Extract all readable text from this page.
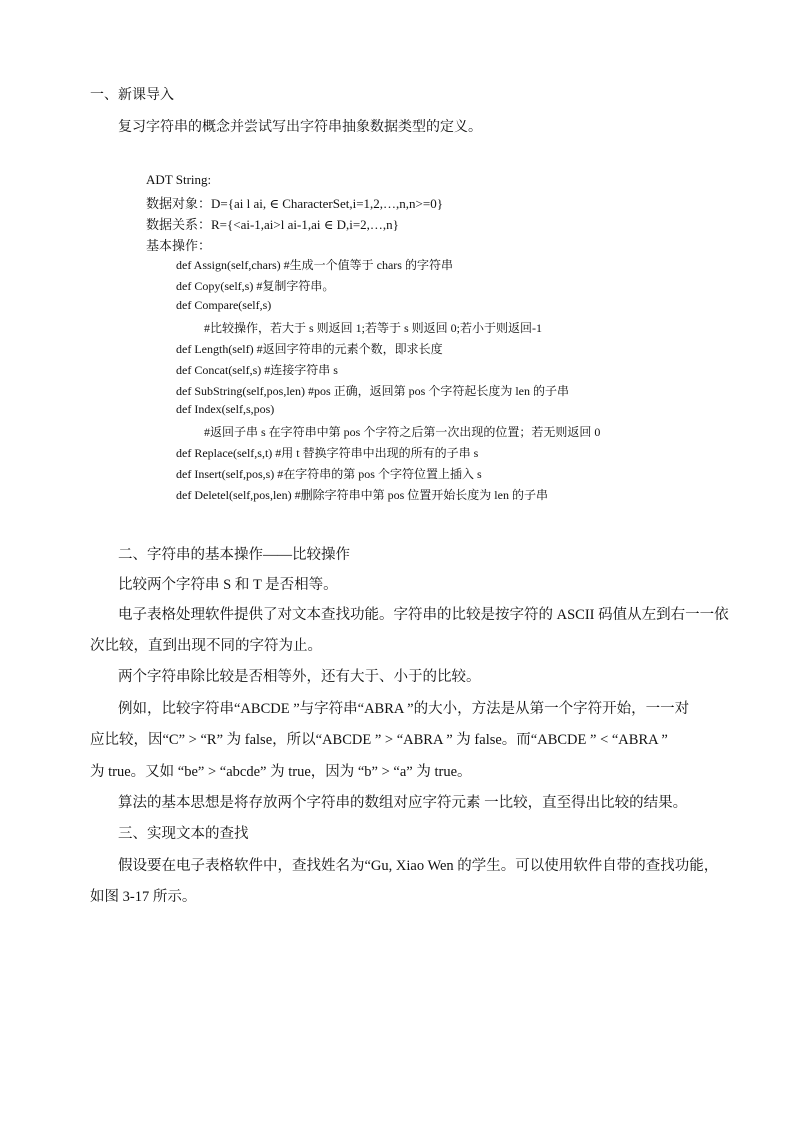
一、新课导入

复习字符串的概念并尝试写出字符串抽象数据类型的定义。

ADT String:

数据对象：D={ai l ai, ∈ CharacterSet,i=1,2,…,n,n>=0}

数据关系：R={<ai-1,ai>l ai-1,ai ∈ D,i=2,…,n}

基本操作：

def Assign(self,chars) #生成一个值等于 chars 的字符串

def Copy(self,s) #复制字符串。

def Compare(self,s)

#比较操作，若大于 s 则返回 1;若等于 s 则返回 0;若小于则返回-1

def Length(self) #返回字符串的元素个数，即求长度

def Concat(self,s) #连接字符串 s

def SubString(self,pos,len) #pos 正确，返回第 pos 个字符起长度为 len 的子串

def Index(self,s,pos)

#返回子串 s 在字符串中第 pos 个字符之后第一次出现的位置；若无则返回 0

def Replace(self,s,t) #用 t 替换字符串中出现的所有的子串 s

def Insert(self,pos,s) #在字符串的第 pos 个字符位置上插入 s

def Deletel(self,pos,len) #删除字符串中第 pos 位置开始长度为 len 的子串

二、字符串的基本操作——比较操作

比较两个字符串 S 和 T 是否相等。

电子表格处理软件提供了对文本查找功能。字符串的比较是按字符的 ASCII 码值从左到右一一依

次比较，直到出现不同的字符为止。

两个字符串除比较是否相等外，还有大于、小于的比较。

例如，比较字符串“ABCDE ”与字符串“ABRA ”的大小，方法是从第一个字符开始，一一对

应比较，因“C” > “R” 为 false，所以“ABCDE ” > “ABRA ” 为 false。而“ABCDE ” < “ABRA ”

为 true。又如 “be” > “abcde” 为 true，因为 “b” > “a” 为 true。

算法的基本思想是将存放两个字符串的数组对应字符元素 一比较，直至得出比较的结果。

三、实现文本的查找

假设要在电子表格软件中，查找姓名为“Gu, Xiao Wen 的学生。可以使用软件自带的查找功能，

如图 3-17 所示。
